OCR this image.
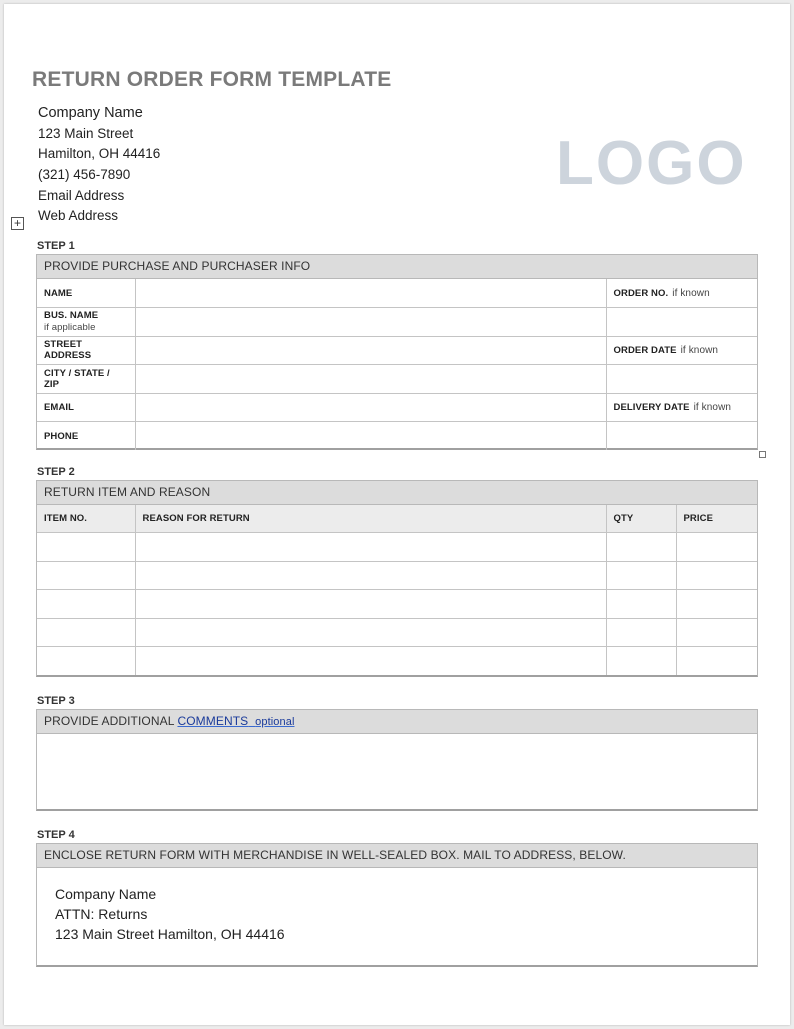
RETURN ORDER FORM TEMPLATE
Company Name
123 Main Street
Hamilton, OH 44416
(321) 456-7890
Email Address
Web Address
LOGO
+
STEP 1
PROVIDE PURCHASE AND PURCHASER INFO
NAME		ORDER NO. if known
BUS. NAME
if applicable		

STREET ADDRESS		ORDER DATE if known
CITY / STATE / ZIP		
EMAIL		DELIVERY DATE if known
PHONE		
STEP 2
RETURN ITEM AND REASON
ITEM NO.	REASON FOR RETURN	QTY	PRICE

STEP 3
PROVIDE ADDITIONAL COMMENTS optional
STEP 4
ENCLOSE RETURN FORM WITH MERCHANDISE IN WELL-SEALED BOX. MAIL TO ADDRESS, BELOW.
Company Name
ATTN: Returns
123 Main Street Hamilton, OH 44416
